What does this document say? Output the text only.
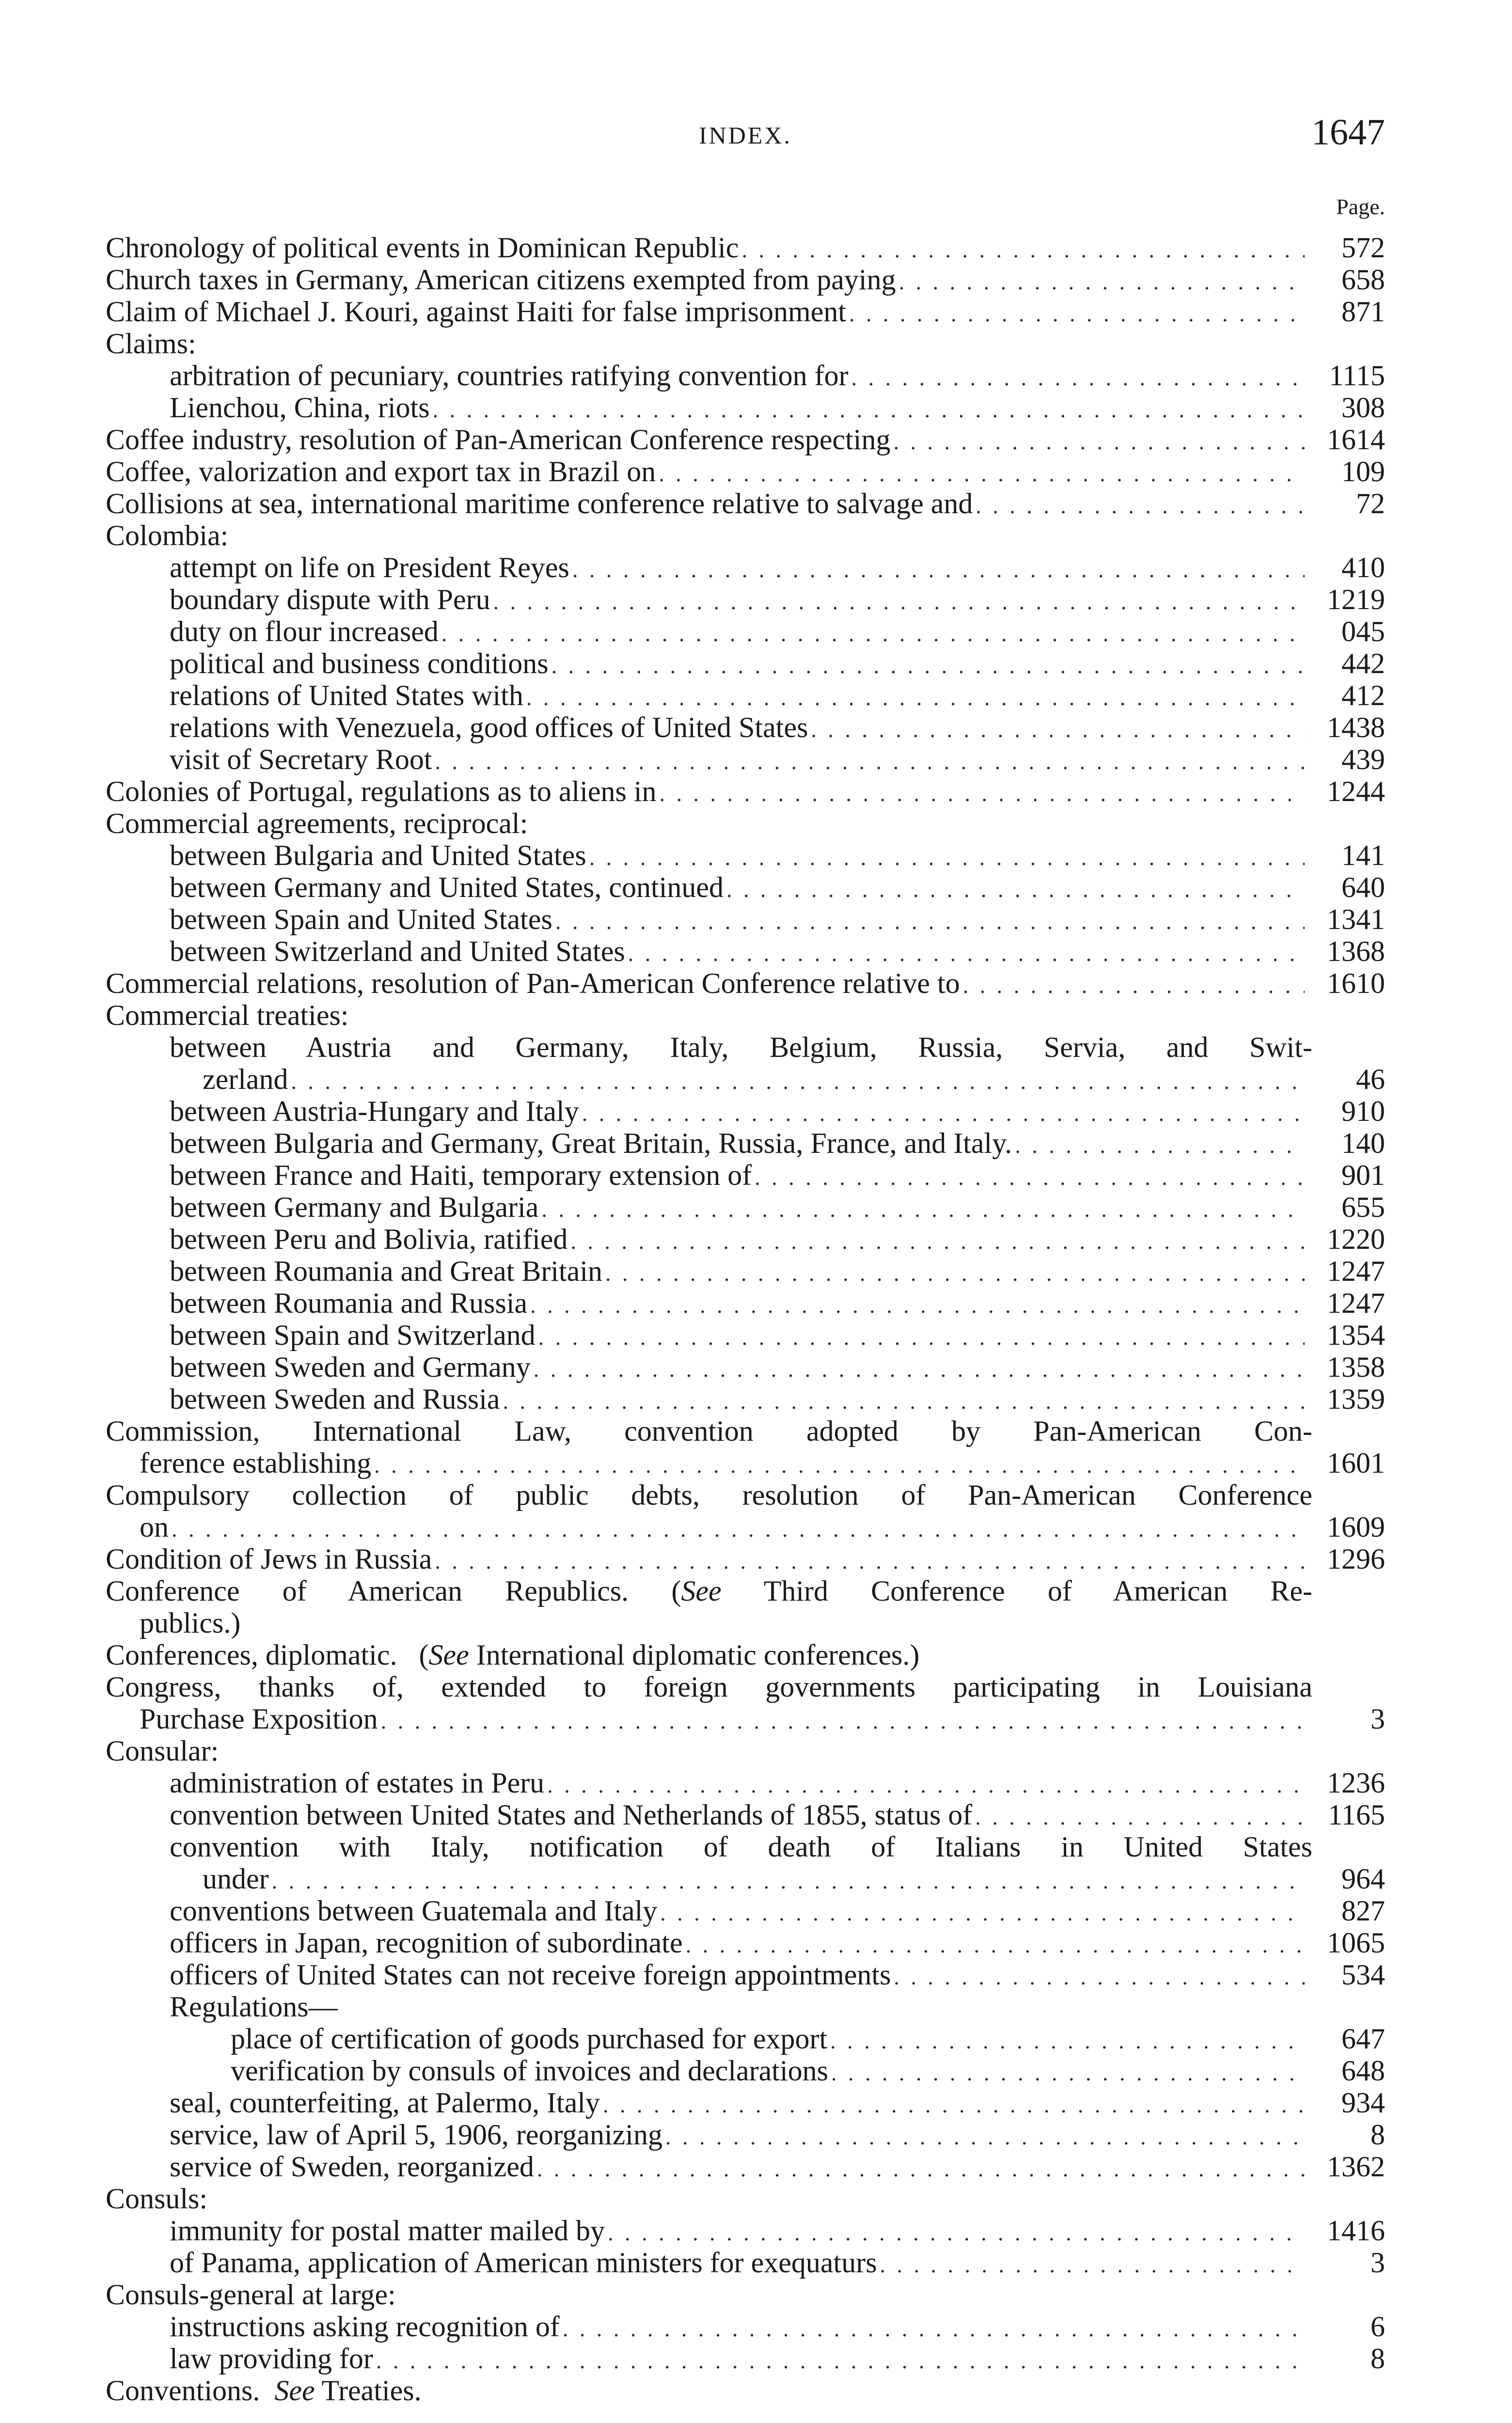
INDEX.	1647
Page.
Chronology of political events in Dominican Republic . . .	572
Church taxes in Germany, American citizens exempted from paying . . .	658
Claim of Michael J. Kouri, against Haiti for false imprisonment . . .	871
Claims:
arbitration of pecuniary, countries ratifying convention for . . .	1115
Lienchou, China, riots . . .	308
Coffee industry, resolution of Pan-American Conference respecting . . .	1614
Coffee, valorization and export tax in Brazil on . . .	109
Collisions at sea, international maritime conference relative to salvage and . . .	72
Colombia:
attempt on life on President Reyes . . .	410
boundary dispute with Peru . . .	1219
duty on flour increased . . .	045
political and business conditions . . .	442
relations of United States with . . .	412
relations with Venezuela, good offices of United States . . .	1438
visit of Secretary Root . . .	439
Colonies of Portugal, regulations as to aliens in . . .	1244
Commercial agreements, reciprocal:
between Bulgaria and United States . . .	141
between Germany and United States, continued . . .	640
between Spain and United States . . .	1341
between Switzerland and United States . . .	1368
Commercial relations, resolution of Pan-American Conference relative to . . .	1610
Commercial treaties:
between Austria and Germany, Italy, Belgium, Russia, Servia, and Swit-
zerland . . .	46
between Austria-Hungary and Italy . . .	910
between Bulgaria and Germany, Great Britain, Russia, France, and Italy. . . .	140
between France and Haiti, temporary extension of . . .	901
between Germany and Bulgaria . . .	655
between Peru and Bolivia, ratified . . .	1220
between Roumania and Great Britain . . .	1247
between Roumania and Russia . . .	1247
between Spain and Switzerland . . .	1354
between Sweden and Germany . . .	1358
between Sweden and Russia . . .	1359
Commission, International Law, convention adopted by Pan-American Con-
ference establishing . . .	1601
Compulsory collection of public debts, resolution of Pan-American Conference
on . . .	1609
Condition of Jews in Russia . . .	1296
Conference of American Republics. (See Third Conference of American Re-
publics.)
Conferences, diplomatic.   (See International diplomatic conferences.)
Congress, thanks of, extended to foreign governments participating in Louisiana
Purchase Exposition . . .	3
Consular:
administration of estates in Peru . . .	1236
convention between United States and Netherlands of 1855, status of . . .	1165
convention with Italy, notification of death of Italians in United States
under . . .	964
conventions between Guatemala and Italy . . .	827
officers in Japan, recognition of subordinate . . .	1065
officers of United States can not receive foreign appointments . . .	534
Regulations—
place of certification of goods purchased for export . . .	647
verification by consuls of invoices and declarations . . .	648
seal, counterfeiting, at Palermo, Italy . . .	934
service, law of April 5, 1906, reorganizing . . .	8
service of Sweden, reorganized . . .	1362
Consuls:
immunity for postal matter mailed by . . .	1416
of Panama, application of American ministers for exequaturs . . .	3
Consuls-general at large:
instructions asking recognition of . . .	6
law providing for . . .	8
Conventions. See Treaties.
